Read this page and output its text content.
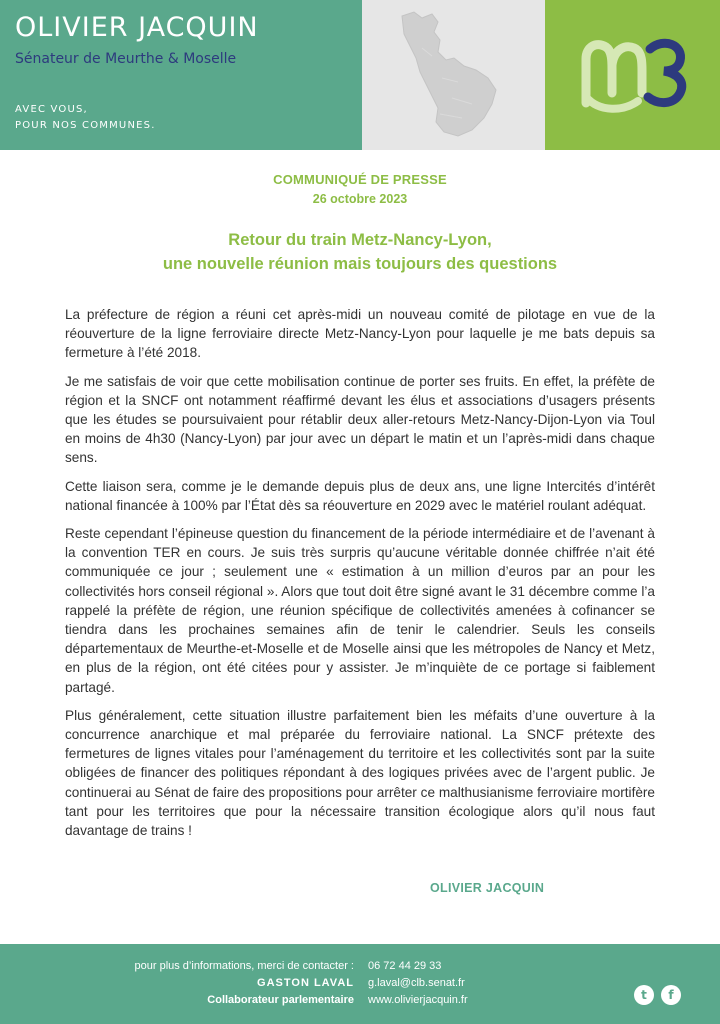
OLIVIER JACQUIN
Sénateur de Meurthe & Moselle
AVEC VOUS,
POUR NOS COMMUNES.
COMMUNIQUÉ DE PRESSE
26 octobre 2023
Retour du train Metz-Nancy-Lyon,
une nouvelle réunion mais toujours des questions

La préfecture de région a réuni cet après-midi un nouveau comité de pilotage en vue de la réouverture de la ligne ferroviaire directe Metz-Nancy-Lyon pour laquelle je me bats depuis sa fermeture à l’été 2018.

Je me satisfais de voir que cette mobilisation continue de porter ses fruits. En effet, la préfète de région et la SNCF ont notamment réaffirmé devant les élus et associations d’usagers présents que les études se poursuivaient pour rétablir deux aller-retours Metz-Nancy-Dijon-Lyon via Toul en moins de 4h30 (Nancy-Lyon) par jour avec un départ le matin et un l’après-midi dans chaque sens.

Cette liaison sera, comme je le demande depuis plus de deux ans, une ligne Intercités d’intérêt national financée à 100% par l’État dès sa réouverture en 2029 avec le matériel roulant adéquat.

Reste cependant l’épineuse question du financement de la période intermédiaire et de l’avenant à la convention TER en cours. Je suis très surpris qu’aucune véritable donnée chiffrée n’ait été communiquée ce jour ; seulement une « estimation à un million d’euros par an pour les collectivités hors conseil régional ». Alors que tout doit être signé avant le 31 décembre comme l’a rappelé la préfète de région, une réunion spécifique de collectivités amenées à cofinancer se tiendra dans les prochaines semaines afin de tenir le calendrier. Seuls les conseils départementaux de Meurthe-et-Moselle et de Moselle ainsi que les métropoles de Nancy et Metz, en plus de la région, ont été citées pour y assister. Je m’inquiète de ce portage si faiblement partagé.

Plus généralement, cette situation illustre parfaitement bien les méfaits d’une ouverture à la concurrence anarchique et mal préparée du ferroviaire national. La SNCF prétexte des fermetures de lignes vitales pour l’aménagement du territoire et les collectivités sont par la suite obligées de financer des politiques répondant à des logiques privées avec de l’argent public. Je continuerai au Sénat de faire des propositions pour arrêter ce malthusianisme ferroviaire mortifère tant pour les territoires que pour la nécessaire transition écologique alors qu’il nous faut davantage de trains !

OLIVIER JACQUIN
pour plus d’informations, merci de contacter :
GASTON LAVAL
Collaborateur parlementaire
06 72 44 29 33
g.laval@clb.senat.fr
www.olivierjacquin.fr	t	f
